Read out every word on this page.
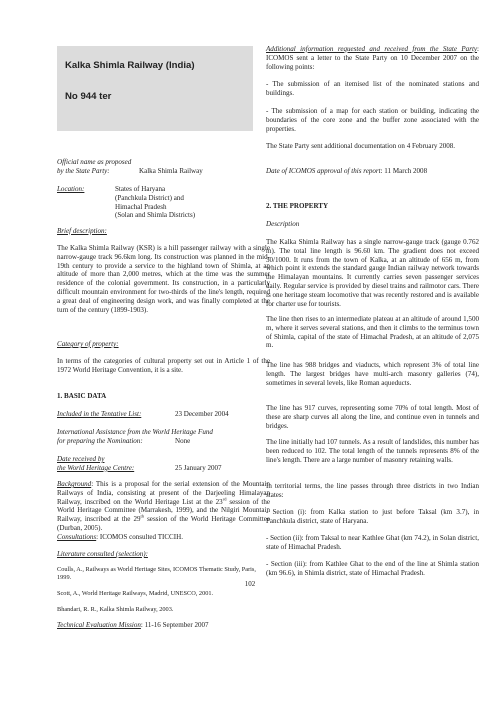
Kalka Shimla Railway (India)

No 944 ter

Official name as proposed

by the State Party:	Kalka Shimla Railway

Location:	States of Haryana

(Panchkula District) and

Himachal Pradesh

(Solan and Shimla Districts)

Brief description:

The Kalka Shimla Railway (KSR) is a hill passenger railway with a single narrow-gauge track 96.6km long. Its construction was planned in the mid-19th century to provide a service to the highland town of Shimla, at an altitude of more than 2,000 metres, which at the time was the summer residence of the colonial government. Its construction, in a particularly difficult mountain environment for two-thirds of the line's length, required a great deal of engineering design work, and was finally completed at the turn of the century (1899-1903).

Category of property:

In terms of the categories of cultural property set out in Article 1 of the 1972 World Heritage Convention, it is a site.

1. BASIC DATA

Included in the Tentative List:	23 December 2004

International Assistance from the World Heritage Fund

for preparing the Nomination:	None

Date received by

the World Heritage Centre:	25 January 2007

Background: This is a proposal for the serial extension of the Mountain Railways of India, consisting at present of the Darjeeling Himalayan Railway, inscribed on the World Heritage List at the 23rd session of the World Heritage Committee (Marrakesh, 1999), and the Nilgiri Mountain Railway, inscribed at the 29th session of the World Heritage Committee (Durban, 2005).

Consultations: ICOMOS consulted TICCIH.

Literature consulted (selection):

Coulls, A., Railways as World Heritage Sites, ICOMOS Thematic Study, Paris, 1999.

Scott, A., World Heritage Railways, Madrid, UNESCO, 2001.

Bhandari, R. R., Kalka Shimla Railway, 2003.

Technical Evaluation Mission: 11-16 September 2007

Additional information requested and received from the State Party: ICOMOS sent a letter to the State Party on 10 December 2007 on the following points:

- The submission of an itemised list of the nominated stations and buildings.

- The submission of a map for each station or building, indicating the boundaries of the core zone and the buffer zone associated with the properties.

The State Party sent additional documentation on 4 February 2008.

Date of ICOMOS approval of this report: 11 March 2008

2. THE PROPERTY

Description

The Kalka Shimla Railway has a single narrow-gauge track (gauge 0.762 m). The total line length is 96.60 km. The gradient does not exceed 30/1000. It runs from the town of Kalka, at an altitude of 656 m, from which point it extends the standard gauge Indian railway network towards the Himalayan mountains. It currently carries seven passenger services daily. Regular service is provided by diesel trains and railmotor cars. There is one heritage steam locomotive that was recently restored and is available for charter use for tourists.

The line then rises to an intermediate plateau at an altitude of around 1,500 m, where it serves several stations, and then it climbs to the terminus town of Shimla, capital of the state of Himachal Pradesh, at an altitude of 2,075 m.

The line has 988 bridges and viaducts, which represent 3% of total line length. The largest bridges have multi-arch masonry galleries (74), sometimes in several levels, like Roman aqueducts.

The line has 917 curves, representing some 70% of total length. Most of these are sharp curves all along the line, and continue even in tunnels and bridges.

The line initially had 107 tunnels. As a result of landslides, this number has been reduced to 102. The total length of the tunnels represents 8% of the line's length. There are a large number of masonry retaining walls.

In territorial terms, the line passes through three districts in two Indian states:

- Section (i): from Kalka station to just before Taksal (km 3.7), in Panchkula district, state of Haryana.

- Section (ii): from Taksal to near Kathlee Ghat (km 74.2), in Solan district, state of Himachal Pradesh.

- Section (iii): from Kathlee Ghat to the end of the line at Shimla station (km 96.6), in Shimla district, state of Himachal Pradesh.

102
